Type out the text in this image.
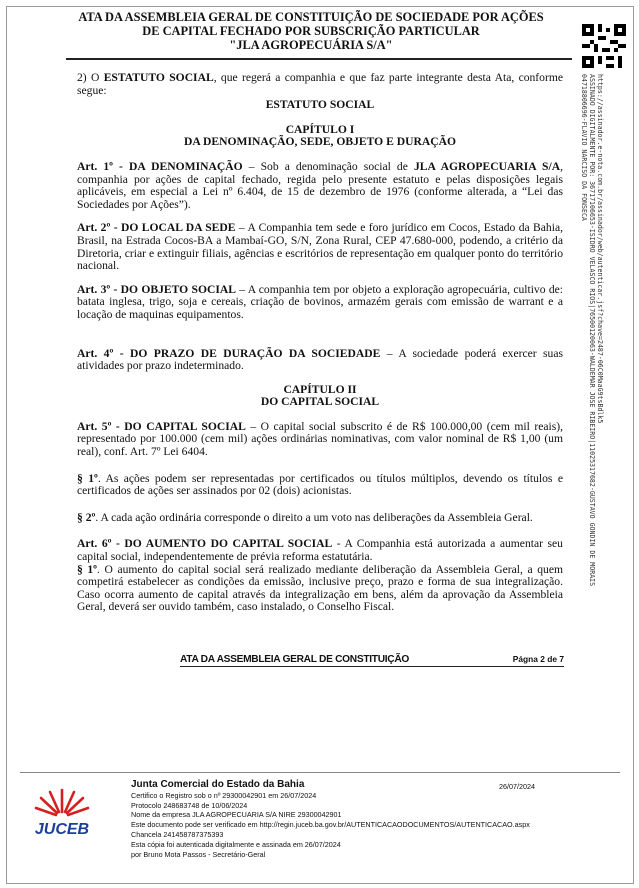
ATA DA ASSEMBLEIA GERAL DE CONSTITUIÇÃO DE SOCIEDADE POR AÇÕES
DE CAPITAL FECHADO POR SUBSCRIÇÃO PARTICULAR
"JLA AGROPECUÁRIA S/A"
https://assinador.e-nota.com.br/assinador/web/autenticar.jsf?chave=2487-06C0MaaG9tsBdlk5
ASSINADO DIGITALMENTE POR: 36717106653-ISIDRO VELASCO RIOS|76500120063-WALDEMAR JOSE RIBEIRO|11025317682-GUSTAVO GONDIN DE MORAIS
04718806696-FLAVIO NARCISO DA FONSECA

2) O ESTATUTO SOCIAL, que regerá a companhia e que faz parte integrante desta Ata, conforme segue:

ESTATUTO SOCIAL

CAPÍTULO I

DA DENOMINAÇÃO, SEDE, OBJETO E DURAÇÃO

Art. 1º - DA DENOMINAÇÃO – Sob a denominação social de JLA AGROPECUARIA S/A, companhia por ações de capital fechado, regida pelo presente estatuto e pelas disposições legais aplicáveis, em especial a Lei nº 6.404, de 15 de dezembro de 1976 (conforme alterada, a “Lei das Sociedades por Ações”).

Art. 2º - DO LOCAL DA SEDE – A Companhia tem sede e foro jurídico em Cocos, Estado da Bahia, Brasil, na Estrada Cocos-BA a Mambaí-GO, S/N, Zona Rural, CEP 47.680-000, podendo, a critério da Diretoria, criar e extinguir filiais, agências e escritórios de representação em qualquer ponto do território nacional.

Art. 3º - DO OBJETO SOCIAL – A companhia tem por objeto a exploração agropecuária, cultivo de: batata inglesa, trigo, soja e cereais, criação de bovinos, armazém gerais com emissão de warrant e a locação de maquinas equipamentos.

Art. 4º - DO PRAZO DE DURAÇÃO DA SOCIEDADE – A sociedade poderá exercer suas atividades por prazo indeterminado.

CAPÍTULO II

DO CAPITAL SOCIAL

Art. 5º - DO CAPITAL SOCIAL – O capital social subscrito é de R$ 100.000,00 (cem mil reais), representado por 100.000 (cem mil) ações ordinárias nominativas, com valor nominal de R$ 1,00 (um real), conf. Art. 7º Lei 6404.

§ 1º. As ações podem ser representadas por certificados ou títulos múltiplos, devendo os títulos e certificados de ações ser assinados por 02 (dois) acionistas.

§ 2º. A cada ação ordinária corresponde o direito a um voto nas deliberações da Assembleia Geral.

Art. 6º - DO AUMENTO DO CAPITAL SOCIAL - A Companhia está autorizada a aumentar seu capital social, independentemente de prévia reforma estatutária.

§ 1º. O aumento do capital social será realizado mediante deliberação da Assembleia Geral, a quem competirá estabelecer as condições da emissão, inclusive preço, prazo e forma de sua integralização. Caso ocorra aumento de capital através da integralização em bens, além da aprovação da Assembleia Geral, deverá ser ouvido também, caso instalado, o Conselho Fiscal.

ATA DA ASSEMBLEIA GERAL DE CONSTITUIÇÃO	Págna 2 de 7
JUCEB
Junta Comercial do Estado da Bahia
Certifico o Registro sob o nº 29300042901 em 26/07/2024
Protocolo 248683748 de 10/06/2024
Nome da empresa JLA AGROPECUARIA S/A NIRE 29300042901
Este documento pode ser verificado em http://regin.juceb.ba.gov.br/AUTENTICACAODOCUMENTOS/AUTENTICACAO.aspx
Chancela 241458787375393
Esta cópia foi autenticada digitalmente e assinada em 26/07/2024
por Bruno Mota Passos - Secretário-Geral
26/07/2024
